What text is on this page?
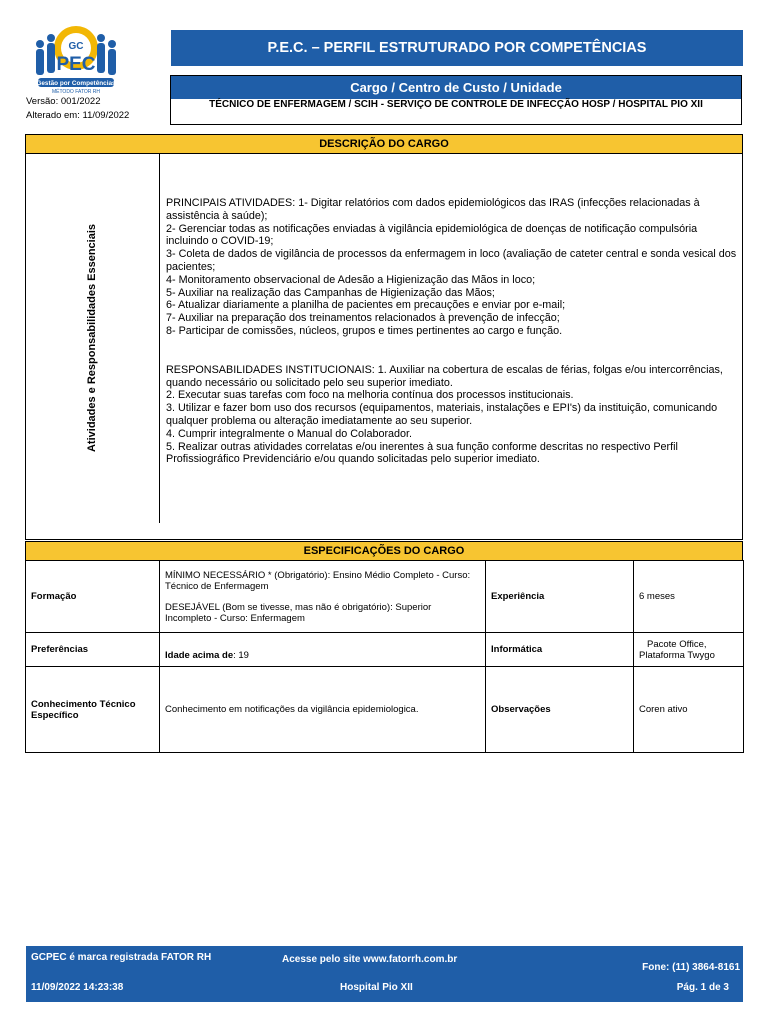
GC
PEC
Gestão por Competências
MÉTODO FATOR RH
Versão: 001/2022
Alterado em: 11/09/2022
P.E.C. – PERFIL ESTRUTURADO POR COMPETÊNCIAS
Cargo / Centro de Custo / Unidade
TÉCNICO DE ENFERMAGEM / SCIH - SERVIÇO DE CONTROLE DE INFECÇÃO HOSP / HOSPITAL PIO XII
DESCRIÇÃO DO CARGO
Atividades e Responsabilidades Essenciais

PRINCIPAIS ATIVIDADES: 1- Digitar relatórios com dados epidemiológicos das IRAS (infecções relacionadas à assistência à saúde);

2- Gerenciar todas as notificações enviadas à vigilância epidemiológica de doenças de notificação compulsória incluindo o COVID-19;

3- Coleta de dados de vigilância de processos da enfermagem in loco (avaliação de cateter central e sonda vesical dos pacientes;

4- Monitoramento observacional de Adesão a Higienização das Mãos in loco;

5- Auxiliar na realização das Campanhas de Higienização das Mãos;

6- Atualizar diariamente a planilha de pacientes em precauções e enviar por e-mail;

7- Auxiliar na preparação dos treinamentos relacionados à prevenção de infecção;

8- Participar de comissões, núcleos, grupos e times pertinentes ao cargo e função.

RESPONSABILIDADES INSTITUCIONAIS: 1. Auxiliar na cobertura de escalas de férias, folgas e/ou intercorrências, quando necessário ou solicitado pelo seu superior imediato.

2. Executar suas tarefas com foco na melhoria contínua dos processos institucionais.

3. Utilizar e fazer bom uso dos recursos (equipamentos, materiais, instalações e EPI's) da instituição, comunicando qualquer problema ou alteração imediatamente ao seu superior.

4. Cumprir integralmente o Manual do Colaborador.

5. Realizar outras atividades correlatas e/ou inerentes à sua função conforme descritas no respectivo Perfil Profissiográfico Previdenciário e/ou quando solicitadas pelo superior imediato.

ESPECIFICAÇÕES DO CARGO
Formação	MÍNIMO NECESSÁRIO * (Obrigatório): Ensino Médio Completo - Curso: Técnico de Enfermagem

DESEJÁVEL (Bom se tivesse, mas não é obrigatório): Superior Incompleto - Curso: Enfermagem	Experiência	6 meses
Preferências	Idade acima de: 19	Informática	Pacote Office,
Plataforma Twygo

Conhecimento Técnico Específico	Conhecimento em notificações da vigilância epidemiologica.	Observações	Coren ativo
GCPEC é marca registrada FATOR RH	Acesse pelo site www.fatorrh.com.br
Fone: (11) 3864-8161
11/09/2022 14:23:38	Hospital Pio XII	Pág. 1 de 3
